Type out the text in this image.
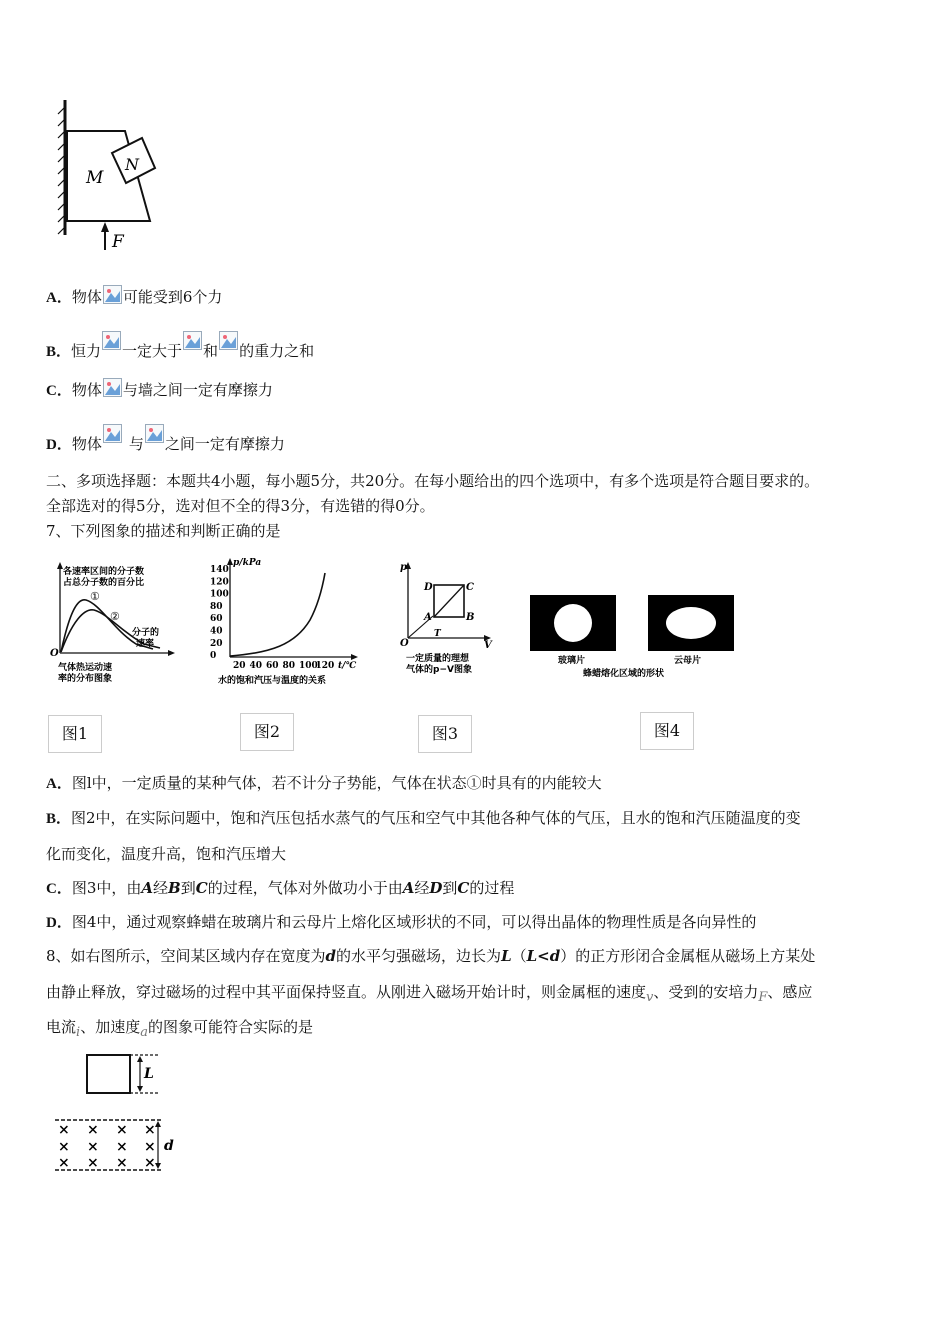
M
N
F
A．物体 可能受到6个力
B．恒力 一定大于 和 的重力之和
C．物体 与墙之间一定有摩擦力
D．物体 与 之间一定有摩擦力
二、多项选择题：本题共4小题，每小题5分，共20分。在每小题给出的四个选项中，有多个选项是符合题目要求的。
全部选对的得5分，选对但不全的得3分，有选错的得0分。
7、下列图象的描述和判断正确的是
各速率区间的分子数
占总分子数的百分比
①
②
分子的
速率
O
气体热运动速
率的分布图象
p/kPa
140
120
100
80
60
40
20
0
20 40 60 80 100
120 t/℃
水的饱和汽压与温度的关系
p
V
T
O
A	B
C
D
一定质量的理想
气体的p−V图象
玻璃片	云母片
蜂蜡熔化区域的形状
图1	图2	图3	图4
A．图l中，一定质量的某种气体，若不计分子势能，气体在状态①时具有的内能较大
B．图2中，在实际问题中，饱和汽压包括水蒸气的气压和空气中其他各种气体的气压，且水的饱和汽压随温度的变
化而变化，温度升高，饱和汽压增大
C．图3中，由A经B到C的过程，气体对外做功小于由A经D到C的过程
D．图4中，通过观察蜂蜡在玻璃片和云母片上熔化区域形状的不同，可以得出晶体的物理性质是各向异性的
8、如右图所示，空间某区域内存在宽度为d的水平匀强磁场，边长为L（L<d）的正方形闭合金属框从磁场上方某处
由静止释放，穿过磁场的过程中其平面保持竖直。从刚进入磁场开始计时，则金属框的速度v、受到的安培力F、感应
电流i、加速度a的图象可能符合实际的是
L
× × × ×
× × × ×
× × × ×
d
